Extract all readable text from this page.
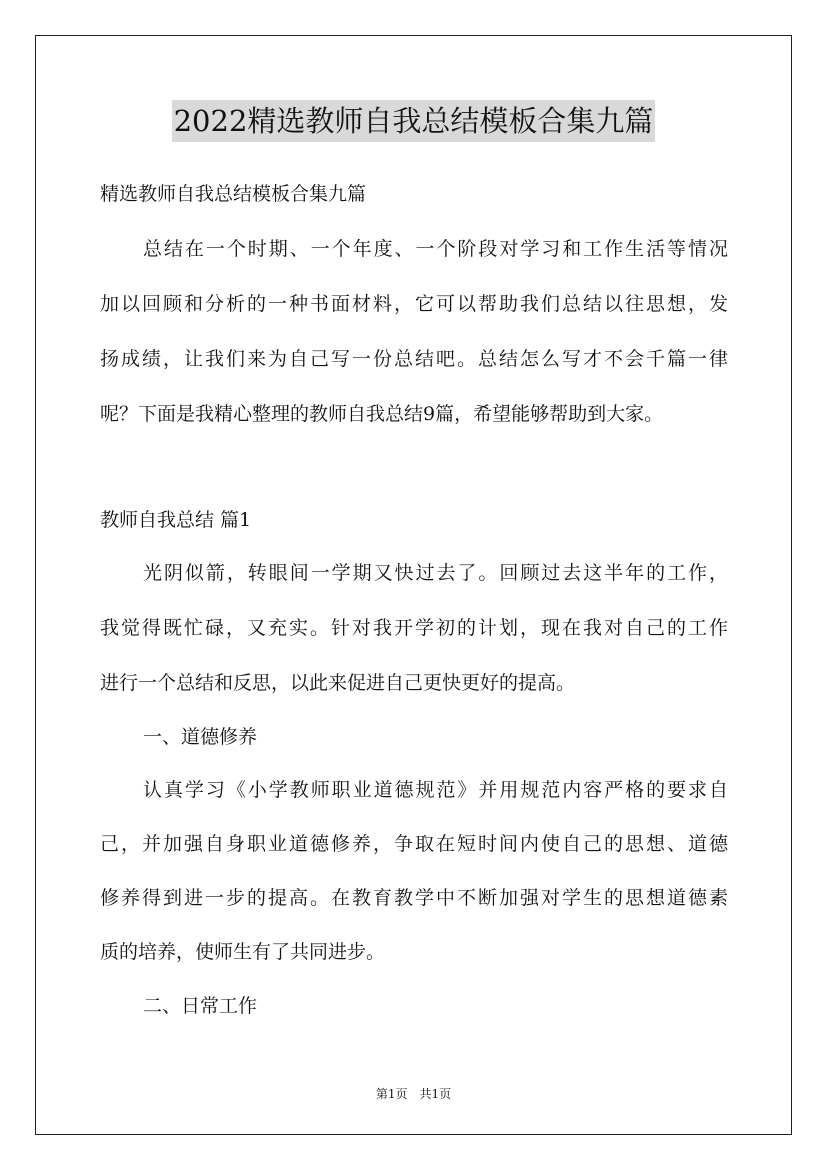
2022精选教师自我总结模板合集九篇
精选教师自我总结模板合集九篇
总结在一个时期、一个年度、一个阶段对学习和工作生活等情况
加以回顾和分析的一种书面材料，它可以帮助我们总结以往思想，发
扬成绩，让我们来为自己写一份总结吧。总结怎么写才不会千篇一律
呢？下面是我精心整理的教师自我总结9篇，希望能够帮助到大家。
教师自我总结 篇1
光阴似箭，转眼间一学期又快过去了。回顾过去这半年的工作，
我觉得既忙碌，又充实。针对我开学初的计划，现在我对自己的工作
进行一个总结和反思，以此来促进自己更快更好的提高。
一、道德修养
认真学习《小学教师职业道德规范》并用规范内容严格的要求自
己，并加强自身职业道德修养，争取在短时间内使自己的思想、道德
修养得到进一步的提高。在教育教学中不断加强对学生的思想道德素
质的培养，使师生有了共同进步。
二、日常工作
第1页　共1页
